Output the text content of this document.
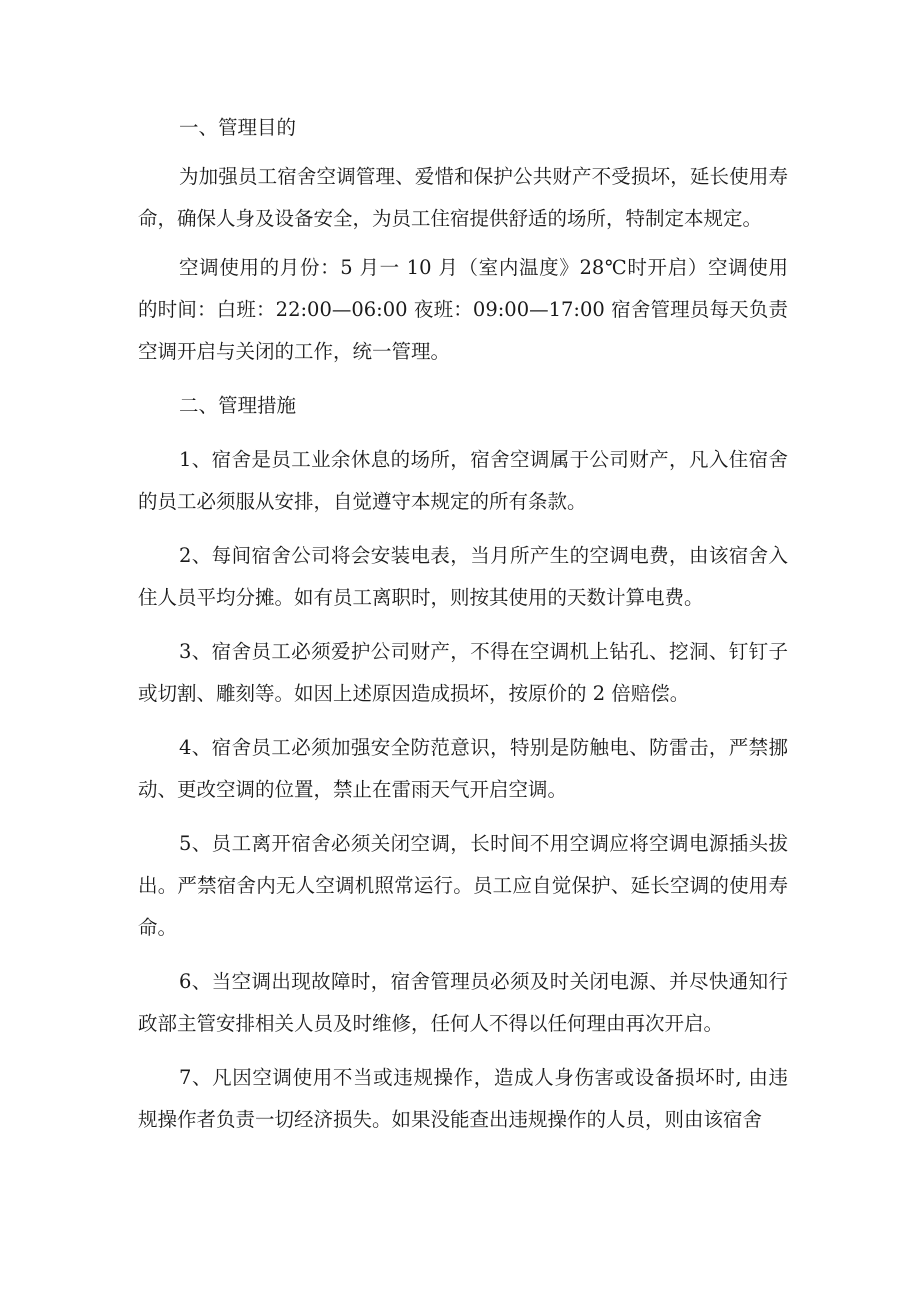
一、管理目的

为加强员工宿舍空调管理、爱惜和保护公共财产不受损坏，延长使用寿命，确保人身及设备安全，为员工住宿提供舒适的场所，特制定本规定。

空调使用的月份：5 月一 10 月（室内温度》28℃时开启）空调使用的时间：白班：22:00—06:00 夜班：09:00—17:00 宿舍管理员每天负责空调开启与关闭的工作，统一管理。

二、管理措施

1、宿舍是员工业余休息的场所，宿舍空调属于公司财产，凡入住宿舍的员工必须服从安排，自觉遵守本规定的所有条款。

2、每间宿舍公司将会安装电表，当月所产生的空调电费，由该宿舍入住人员平均分摊。如有员工离职时，则按其使用的天数计算电费。

3、宿舍员工必须爱护公司财产，不得在空调机上钻孔、挖洞、钉钉子或切割、雕刻等。如因上述原因造成损坏，按原价的 2 倍赔偿。

4、宿舍员工必须加强安全防范意识，特别是防触电、防雷击，严禁挪动、更改空调的位置，禁止在雷雨天气开启空调。

5、员工离开宿舍必须关闭空调，长时间不用空调应将空调电源插头拔出。严禁宿舍内无人空调机照常运行。员工应自觉保护、延长空调的使用寿命。

6、当空调出现故障时，宿舍管理员必须及时关闭电源、并尽快通知行政部主管安排相关人员及时维修，任何人不得以任何理由再次开启。

7、凡因空调使用不当或违规操作，造成人身伤害或设备损坏时, 由违规操作者负责一切经济损失。如果没能查出违规操作的人员，则由该宿舍
